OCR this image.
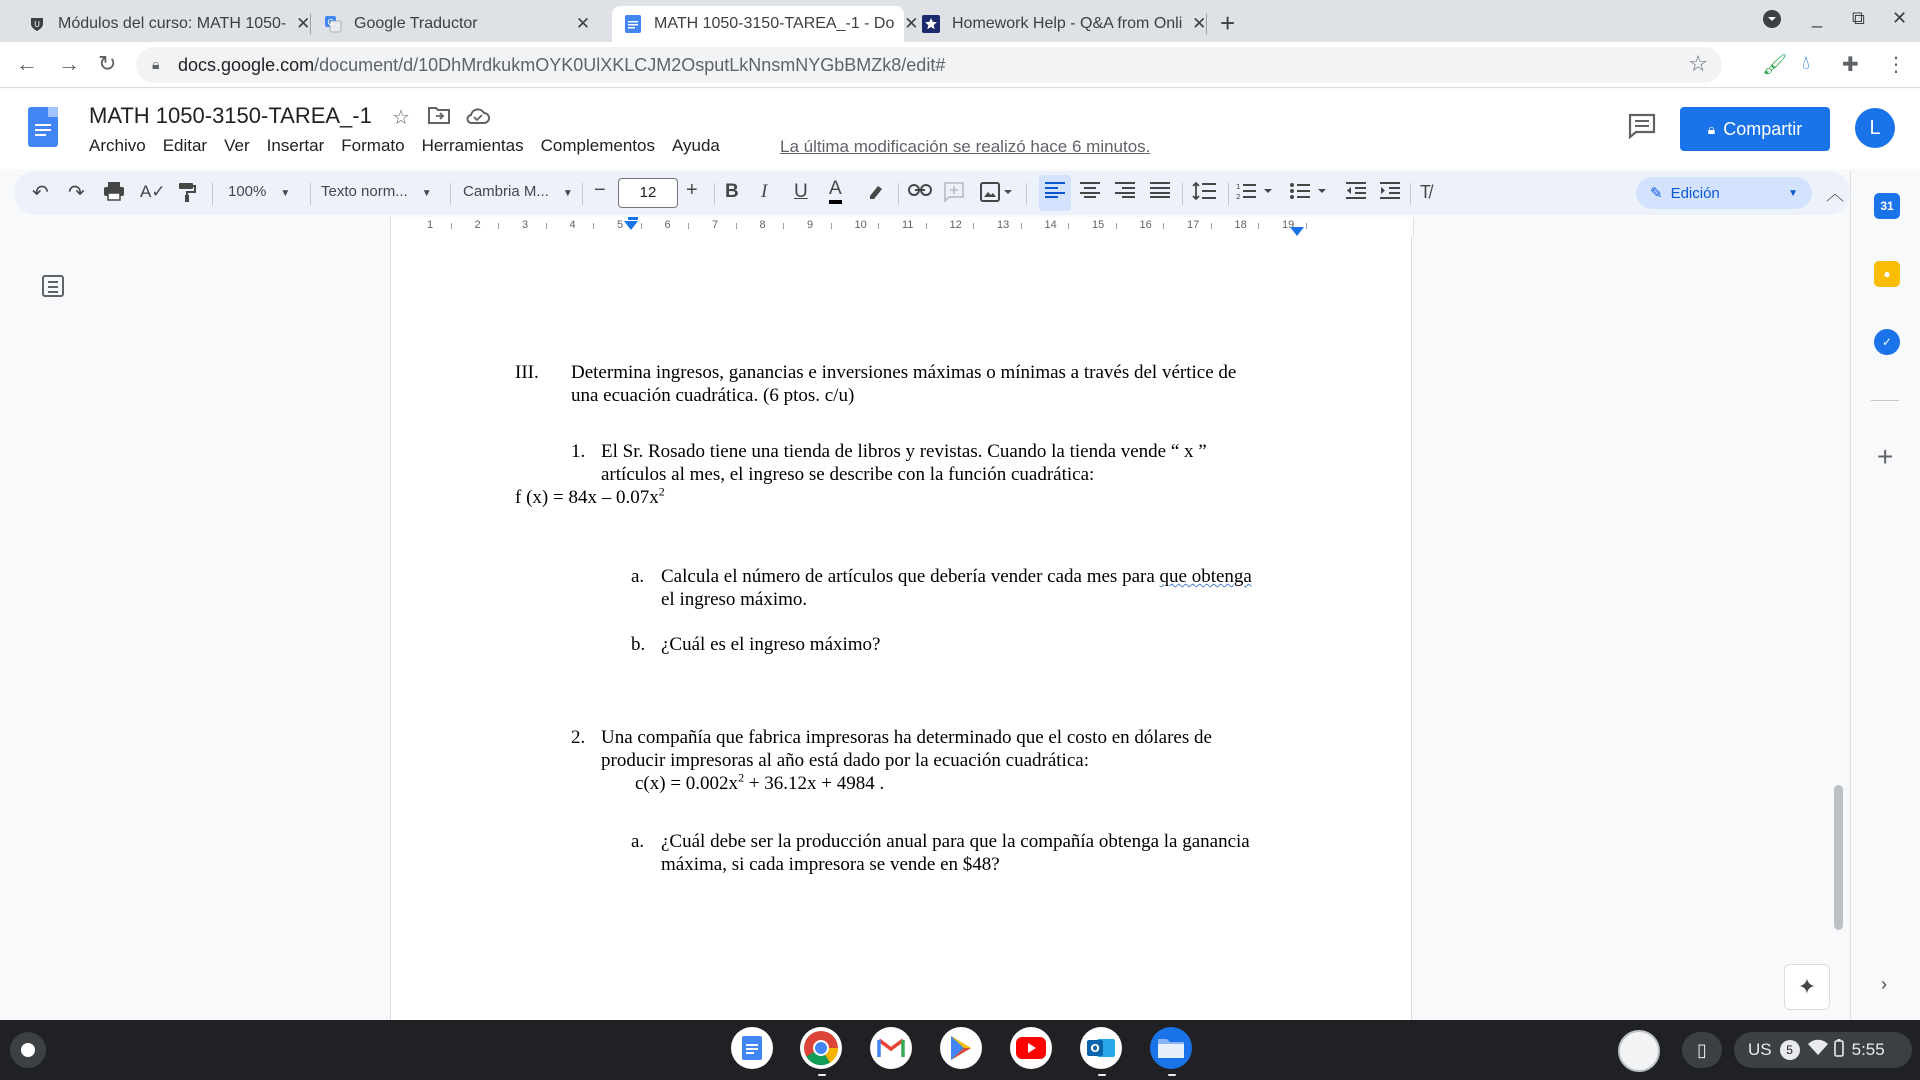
U Módulos del curso: MATH 1050- ✕ G Google Traductor	✕	MATH 1050-3150-TAREA_-1 - Do ✕ Homework Help - Q&A from Onli ✕ +	_ ⧉ ✕
← → ↻	🔒︎ docs.google.com/document/d/10DhMrdkukmOYK0UlXKLCJM2OsputLkNnsmNYGbBMZk8/edit#	☆	🖌︎ 💧︎ ✚ ⋮
MATH 1050-3150-TAREA_-1 ☆
Archivo Editar Ver Insertar Formato Herramientas Complementos Ayuda	La última modificación se realizó hace 6 minutos.
🔒︎ Compartir	L
↶ ↷	A✓	100% ▼ Texto norm... ▼ Cambria M... ▼ −	12	+ B I U A	1
2	T̸	✎ Edición	▼ ︿
1	2	3	4	5	6	7	8	9	10	11	12	13	14	15	16	17	18	19
III. Determina ingresos, ganancias e inversiones máximas o mínimas a través del vértice de
una ecuación cuadrática. (6 ptos. c/u)
1. El Sr. Rosado tiene una tienda de libros y revistas. Cuando la tienda vende “ x ”
artículos al mes, el ingreso se describe con la función cuadrática:
f $(x) = 84x - 0.07x^2$
a. Calcula el número de artículos que debería vender cada mes para que obtenga
el ingreso máximo.
b. ¿Cuál es el ingreso máximo?
2. Una compañía que fabrica impresoras ha determinado que el costo en dólares de
producir impresoras al año está dado por la ecuación cuadrática:
$c(x) = 0.002x^2 + 36.12x + 4984$ .
a. ¿Cuál debe ser la producción anual para que la compañía obtenga la ganancia
máxima, si cada impresora se vende en $48?
✦
31
●
✓
+
›
O	▯	US	5	5:55
